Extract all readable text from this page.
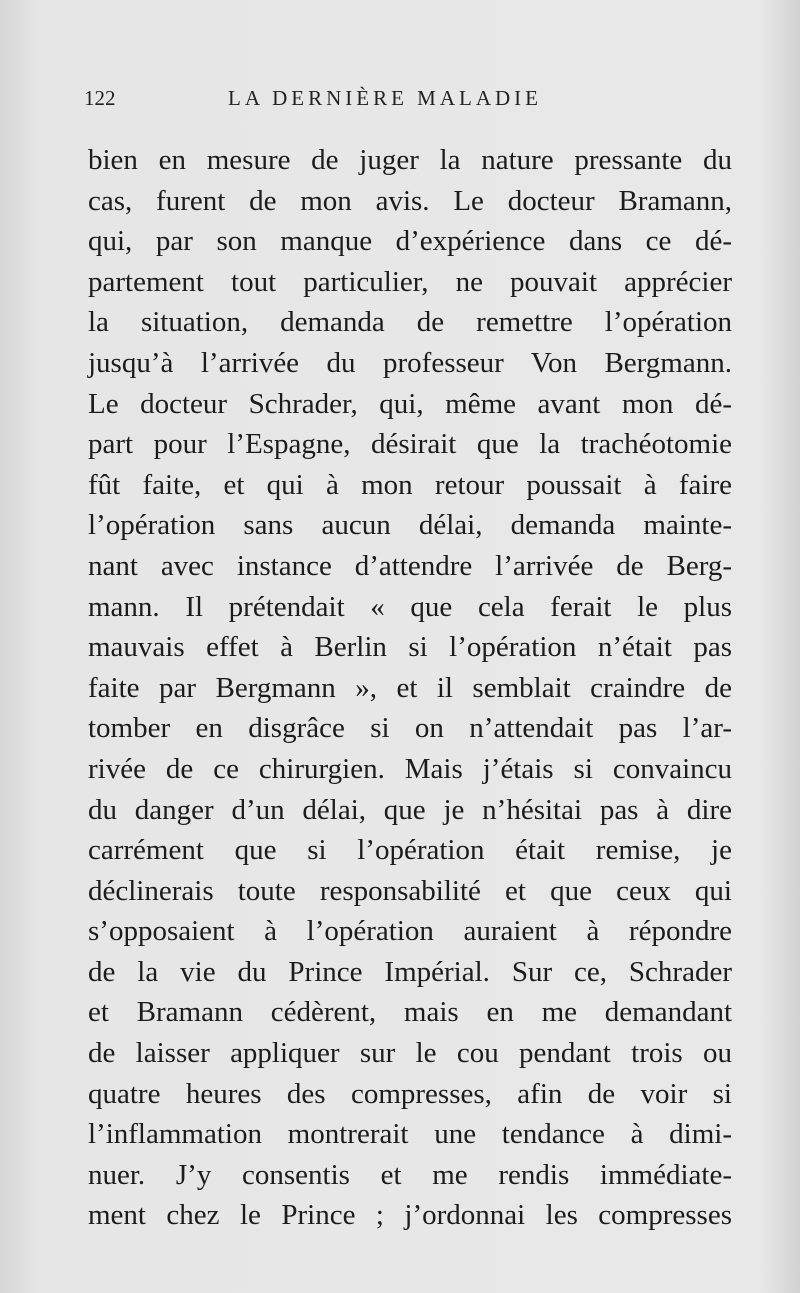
122	LA DERNIÈRE MALADIE
bien en mesure de juger la nature pressante du
cas, furent de mon avis. Le docteur Bramann,
qui, par son manque d’expérience dans ce dé-
partement tout particulier, ne pouvait apprécier
la situation, demanda de remettre l’opération
jusqu’à l’arrivée du professeur Von Bergmann.
Le docteur Schrader, qui, même avant mon dé-
part pour l’Espagne, désirait que la trachéotomie
fût faite, et qui à mon retour poussait à faire
l’opération sans aucun délai, demanda mainte-
nant avec instance d’attendre l’arrivée de Berg-
mann. Il prétendait « que cela ferait le plus
mauvais effet à Berlin si l’opération n’était pas
faite par Bergmann », et il semblait craindre de
tomber en disgrâce si on n’attendait pas l’ar-
rivée de ce chirurgien. Mais j’étais si convaincu
du danger d’un délai, que je n’hésitai pas à dire
carrément que si l’opération était remise, je
déclinerais toute responsabilité et que ceux qui
s’opposaient à l’opération auraient à répondre
de la vie du Prince Impérial. Sur ce, Schrader
et Bramann cédèrent, mais en me demandant
de laisser appliquer sur le cou pendant trois ou
quatre heures des compresses, afin de voir si
l’inflammation montrerait une tendance à dimi-
nuer. J’y consentis et me rendis immédiate-
ment chez le Prince ; j’ordonnai les compresses
